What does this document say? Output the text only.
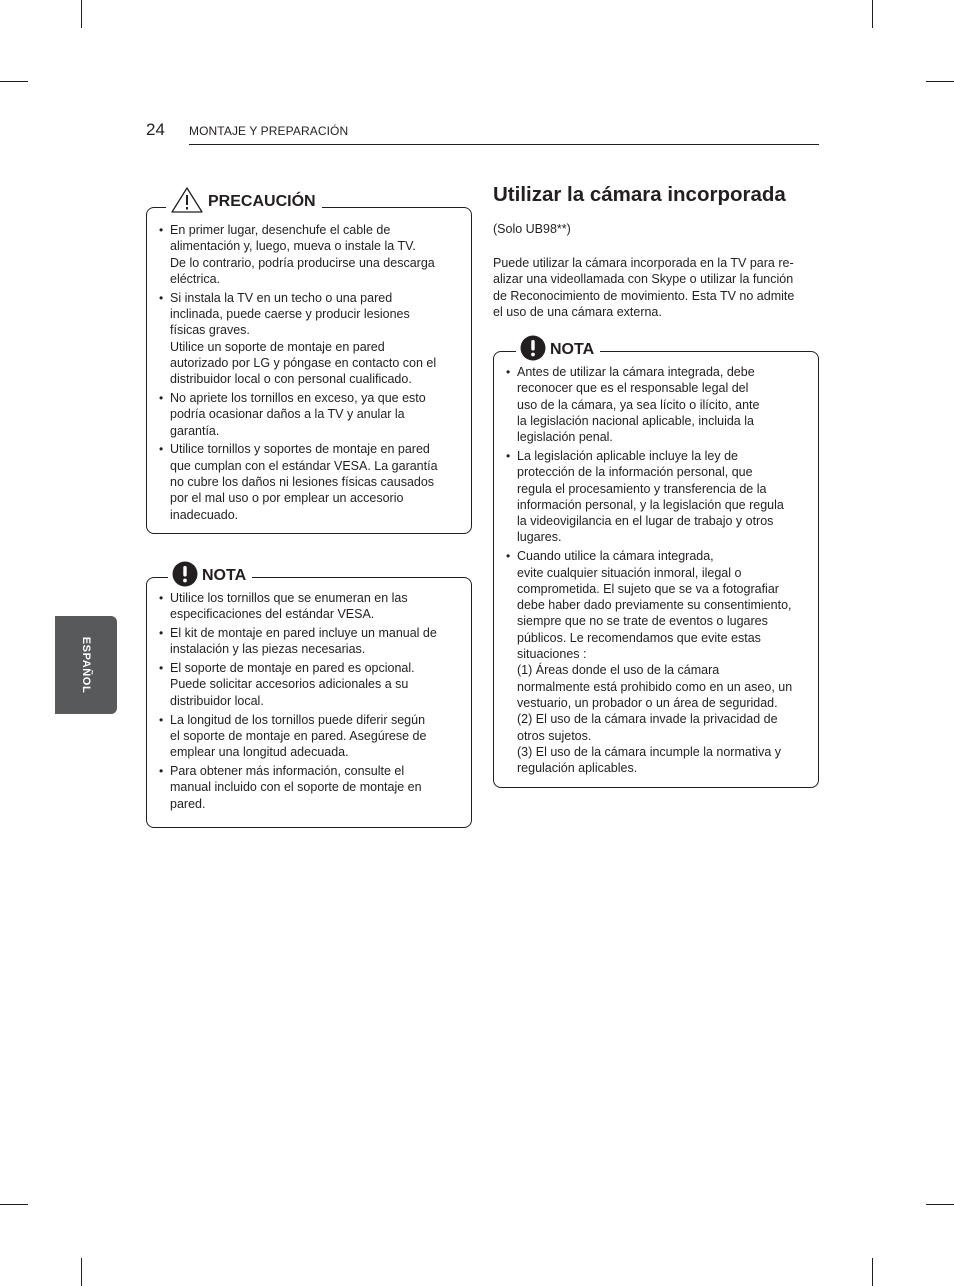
24 MONTAJE Y PREPARACIÓN
ESPAÑOL
PRECAUCIÓN
• En primer lugar, desenchufe el cable de
alimentación y, luego, mueva o instale la TV.
De lo contrario, podría producirse una descarga
eléctrica.
• Si instala la TV en un techo o una pared
inclinada, puede caerse y producir lesiones
físicas graves.
Utilice un soporte de montaje en pared
autorizado por LG y póngase en contacto con el
distribuidor local o con personal cualificado.
• No apriete los tornillos en exceso, ya que esto
podría ocasionar daños a la TV y anular la
garantía.
• Utilice tornillos y soportes de montaje en pared
que cumplan con el estándar VESA. La garantía
no cubre los daños ni lesiones físicas causados
por el mal uso o por emplear un accesorio
inadecuado.
NOTA
• Utilice los tornillos que se enumeran en las
especificaciones del estándar VESA.
• El kit de montaje en pared incluye un manual de
instalación y las piezas necesarias.
• El soporte de montaje en pared es opcional.
Puede solicitar accesorios adicionales a su
distribuidor local.
• La longitud de los tornillos puede diferir según
el soporte de montaje en pared. Asegúrese de
emplear una longitud adecuada.
• Para obtener más información, consulte el
manual incluido con el soporte de montaje en
pared.
Utilizar la cámara incorporada
(Solo UB98**)
Puede utilizar la cámara incorporada en la TV para re-
alizar una videollamada con Skype o utilizar la función
de Reconocimiento de movimiento. Esta TV no admite
el uso de una cámara externa.
NOTA
• Antes de utilizar la cámara integrada, debe
reconocer que es el responsable legal del
uso de la cámara, ya sea lícito o ilícito, ante
la legislación nacional aplicable, incluida la
legislación penal.
• La legislación aplicable incluye la ley de
protección de la información personal, que
regula el procesamiento y transferencia de la
información personal, y la legislación que regula
la videovigilancia en el lugar de trabajo y otros
lugares.
• Cuando utilice la cámara integrada,
evite cualquier situación inmoral, ilegal o
comprometida. El sujeto que se va a fotografiar
debe haber dado previamente su consentimiento,
siempre que no se trate de eventos o lugares
públicos. Le recomendamos que evite estas
situaciones :
(1) Áreas donde el uso de la cámara
normalmente está prohibido como en un aseo, un
vestuario, un probador o un área de seguridad.
(2) El uso de la cámara invade la privacidad de
otros sujetos.
(3) El uso de la cámara incumple la normativa y
regulación aplicables.
